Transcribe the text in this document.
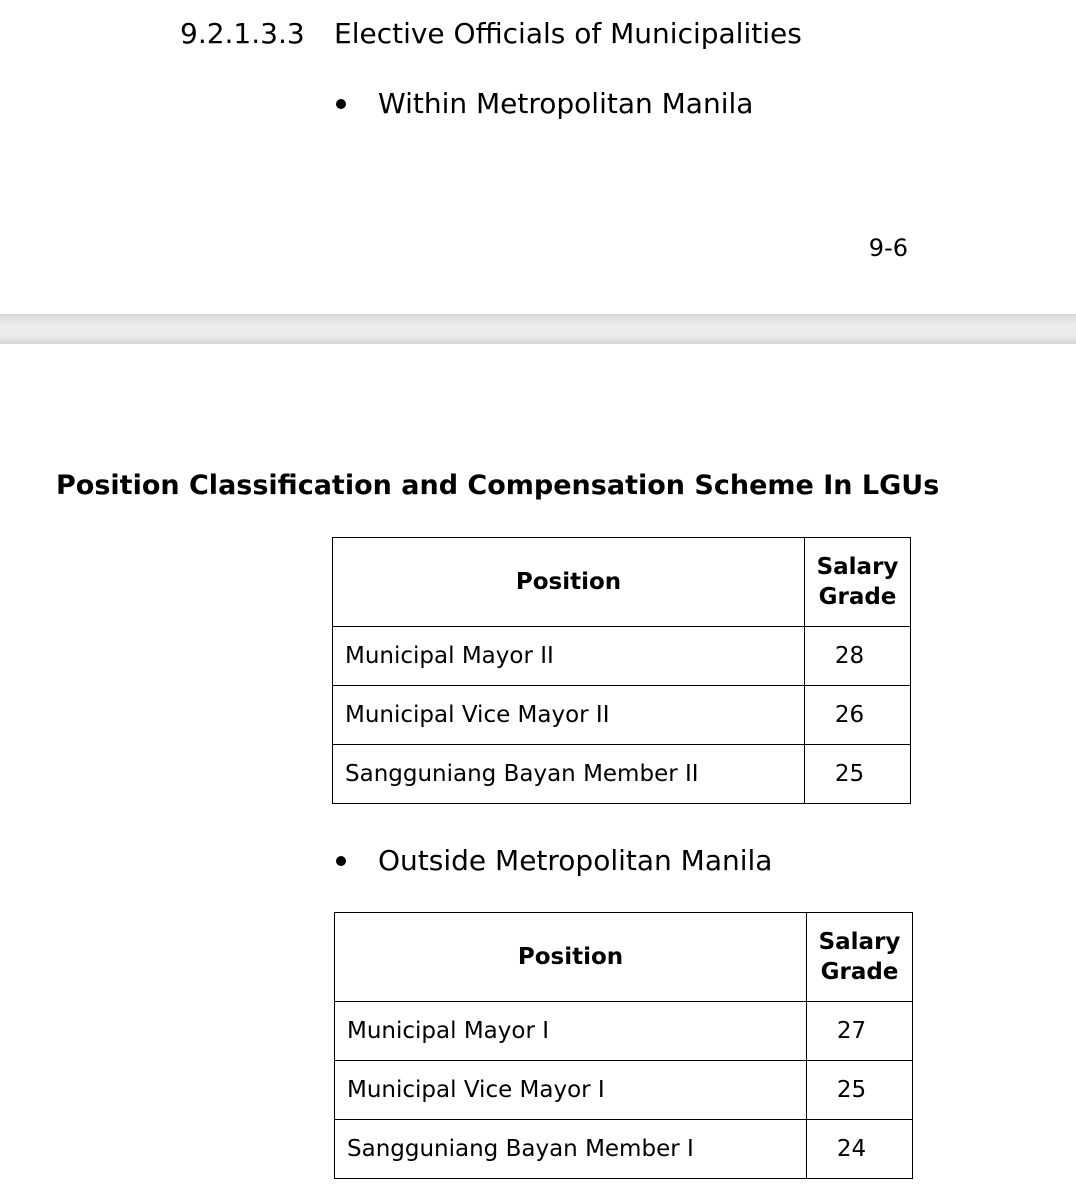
9.2.1.3.3 Elective Officials of Municipalities
Within Metropolitan Manila
9-6
Position Classification and Compensation Scheme In LGUs
Position	Salary
Grade
Municipal Mayor II	28
Municipal Vice Mayor II	26
Sangguniang Bayan Member II	25
Outside Metropolitan Manila
Position	Salary
Grade
Municipal Mayor I	27
Municipal Vice Mayor I	25
Sangguniang Bayan Member I	24
